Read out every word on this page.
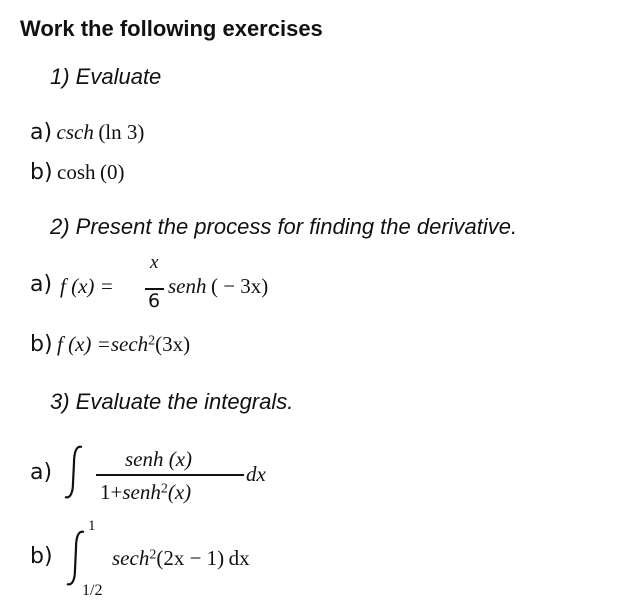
Work the following exercises
1) Evaluate
a) csch (ln 3)
b) cosh (0)
2) Present the process for finding the derivative.
a) f (x) =
x
6
senh ( − 3x)
b) f (x) =sech$^2$(3x)
3) Evaluate the integrals.
a)
senh (x)
1+senh$^2$(x)
dx
b)
1
1/2
sech$^2$(2x − 1) dx
